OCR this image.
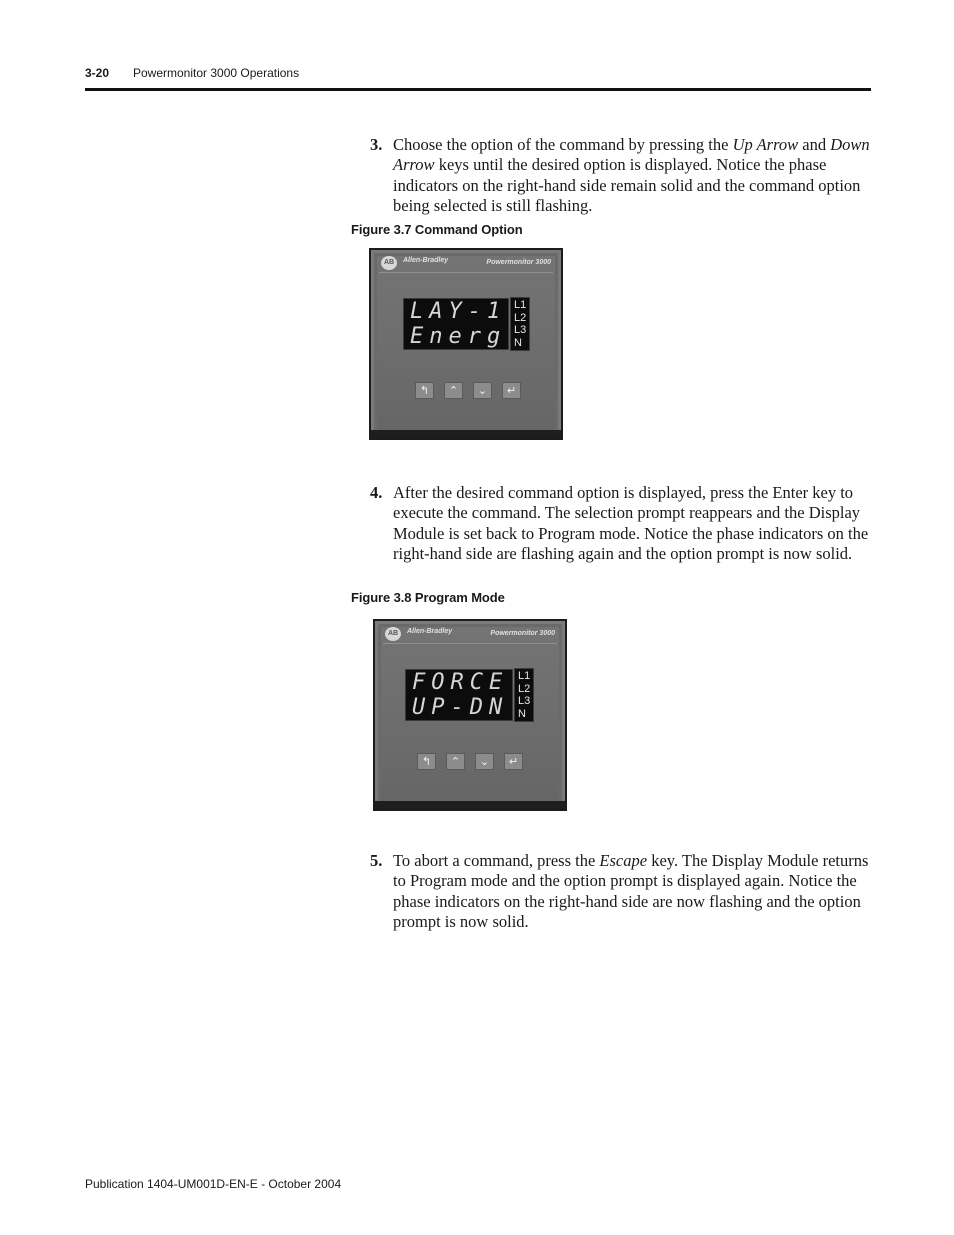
3-20 Powermonitor 3000 Operations
3. Choose the option of the command by pressing the Up Arrow and Down Arrow keys until the desired option is displayed. Notice the phase indicators on the right-hand side remain solid and the command option being selected is still flashing.
Figure 3.7 Command Option
AB	Allen-Bradley	Powermonitor 3000
LAY-1
Energ
L1
L2
L3
N
↰	⌃	⌄	↵
4. After the desired command option is displayed, press the Enter key to execute the command. The selection prompt reappears and the Display Module is set back to Program mode. Notice the phase indicators on the right-hand side are flashing again and the option prompt is now solid.
Figure 3.8 Program Mode
AB	Allen-Bradley	Powermonitor 3000
FORCE
UP-DN
L1
L2
L3
N
↰	⌃	⌄	↵
5. To abort a command, press the Escape key. The Display Module returns to Program mode and the option prompt is displayed again. Notice the phase indicators on the right-hand side are now flashing and the option prompt is now solid.
Publication 1404-UM001D-EN-E - October 2004
